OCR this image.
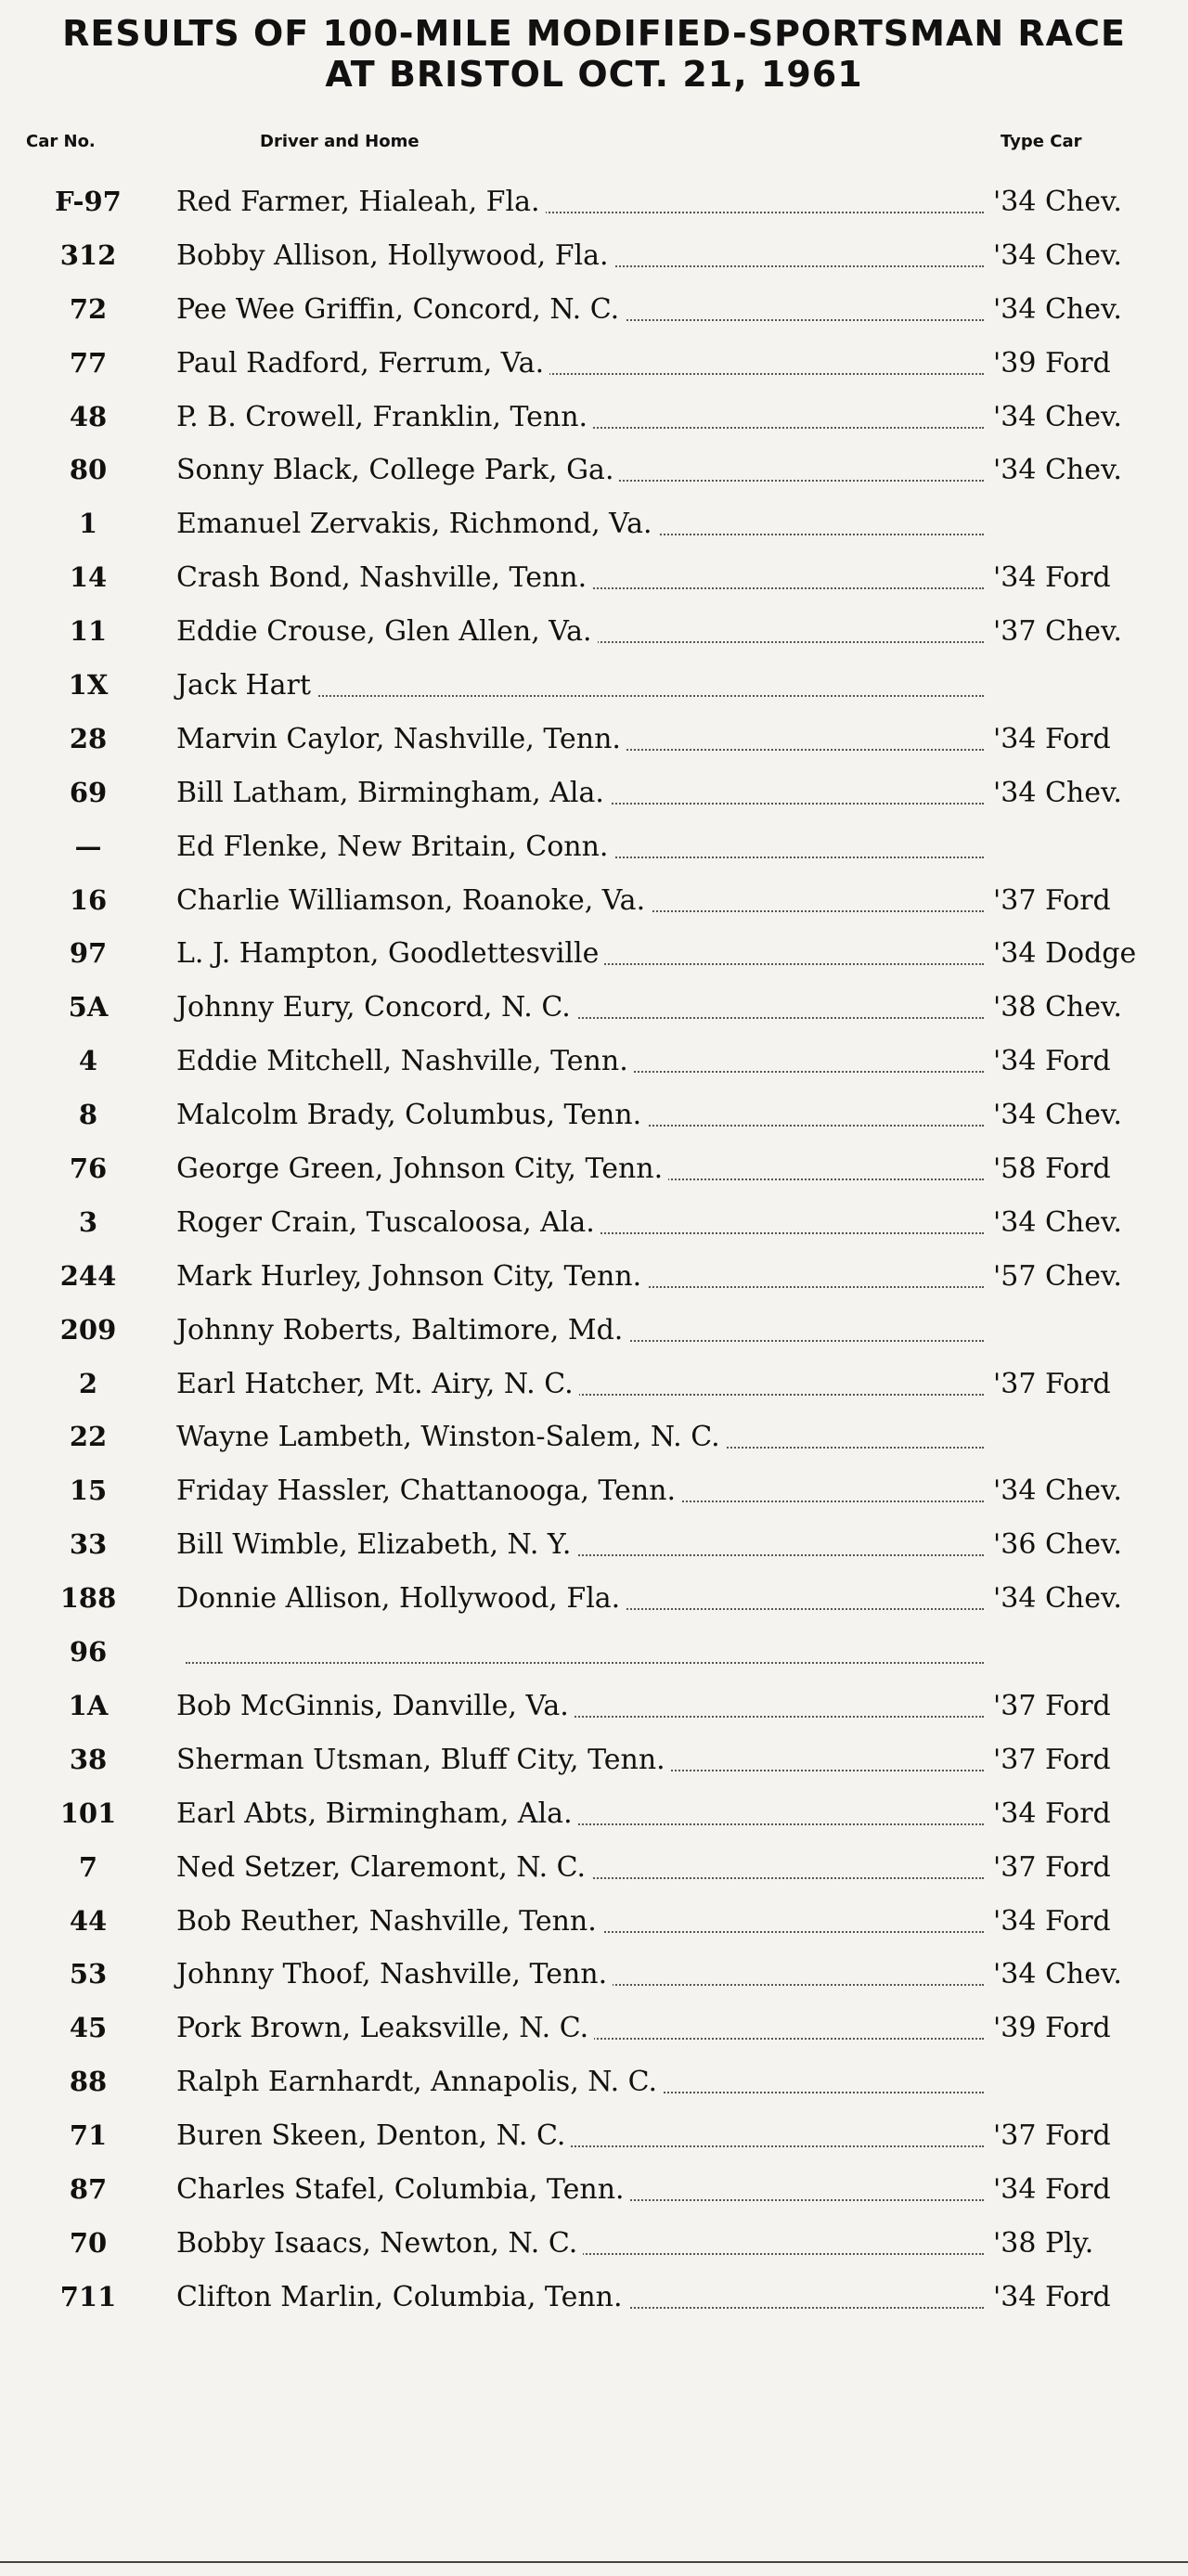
RESULTS OF 100-MILE MODIFIED-SPORTSMAN RACE
AT BRISTOL OCT. 21, 1961
Car No.	Driver and Home	Type Car
F-97	Red Farmer, Hialeah, Fla.	'34 Chev.
312	Bobby Allison, Hollywood, Fla.	'34 Chev.
72	Pee Wee Griffin, Concord, N. C.	'34 Chev.
77	Paul Radford, Ferrum, Va.	'39 Ford
48	P. B. Crowell, Franklin, Tenn.	'34 Chev.
80	Sonny Black, College Park, Ga.	'34 Chev.
1	Emanuel Zervakis, Richmond, Va.
14	Crash Bond, Nashville, Tenn.	'34 Ford
11	Eddie Crouse, Glen Allen, Va.	'37 Chev.
1X	Jack Hart
28	Marvin Caylor, Nashville, Tenn.	'34 Ford
69	Bill Latham, Birmingham, Ala.	'34 Chev.
—	Ed Flenke, New Britain, Conn.
16	Charlie Williamson, Roanoke, Va.	'37 Ford
97	L. J. Hampton, Goodlettesville	'34 Dodge
5A	Johnny Eury, Concord, N. C.	'38 Chev.
4	Eddie Mitchell, Nashville, Tenn.	'34 Ford
8	Malcolm Brady, Columbus, Tenn.	'34 Chev.
76	George Green, Johnson City, Tenn.	'58 Ford
3	Roger Crain, Tuscaloosa, Ala.	'34 Chev.
244	Mark Hurley, Johnson City, Tenn.	'57 Chev.
209	Johnny Roberts, Baltimore, Md.
2	Earl Hatcher, Mt. Airy, N. C.	'37 Ford
22	Wayne Lambeth, Winston-Salem, N. C.
15	Friday Hassler, Chattanooga, Tenn.	'34 Chev.
33	Bill Wimble, Elizabeth, N. Y.	'36 Chev.
188	Donnie Allison, Hollywood, Fla.	'34 Chev.
96
1A	Bob McGinnis, Danville, Va.	'37 Ford
38	Sherman Utsman, Bluff City, Tenn.	'37 Ford
101	Earl Abts, Birmingham, Ala.	'34 Ford
7	Ned Setzer, Claremont, N. C.	'37 Ford
44	Bob Reuther, Nashville, Tenn.	'34 Ford
53	Johnny Thoof, Nashville, Tenn.	'34 Chev.
45	Pork Brown, Leaksville, N. C.	'39 Ford
88	Ralph Earnhardt, Annapolis, N. C.
71	Buren Skeen, Denton, N. C.	'37 Ford
87	Charles Stafel, Columbia, Tenn.	'34 Ford
70	Bobby Isaacs, Newton, N. C.	'38 Ply.
711	Clifton Marlin, Columbia, Tenn.	'34 Ford
